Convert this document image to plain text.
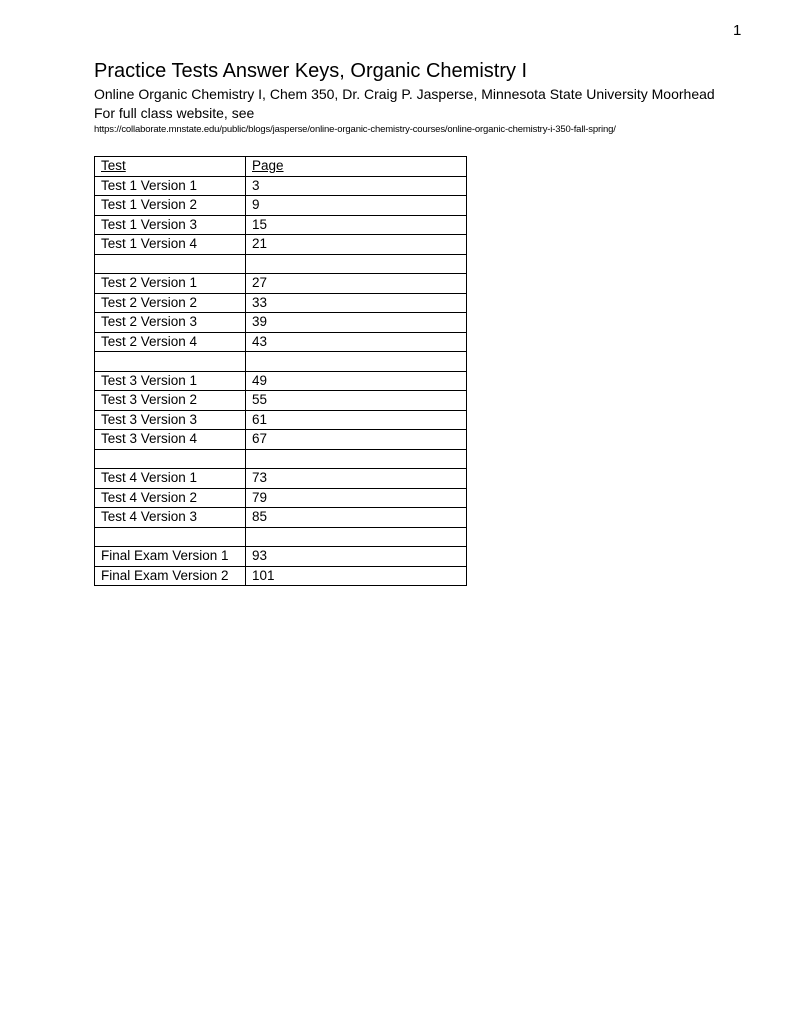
1
Practice Tests Answer Keys, Organic Chemistry I
Online Organic Chemistry I, Chem 350, Dr. Craig P. Jasperse, Minnesota State University Moorhead
For full class website, see
https://collaborate.mnstate.edu/public/blogs/jasperse/online-organic-chemistry-courses/online-organic-chemistry-i-350-fall-spring/
Test	Page
Test 1 Version 1	3
Test 1 Version 2	9
Test 1 Version 3	15
Test 1 Version 4	21

Test 2 Version 1	27
Test 2 Version 2	33
Test 2 Version 3	39
Test 2 Version 4	43

Test 3 Version 1	49
Test 3 Version 2	55
Test 3 Version 3	61
Test 3 Version 4	67

Test 4 Version 1	73
Test 4 Version 2	79
Test 4 Version 3	85

Final Exam Version 1	93
Final Exam Version 2	101
